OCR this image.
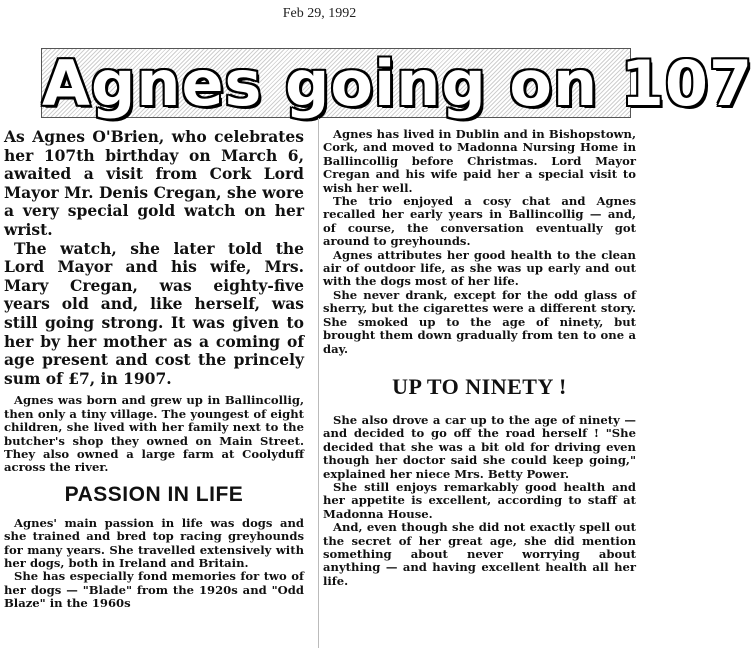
Feb 29, 1992
Agnes going on 107

As Agnes O'Brien, who celebrates her 107th birthday on March 6, awaited a visit from Cork Lord Mayor Mr. Denis Cregan, she wore a very special gold watch on her wrist.

The watch, she later told the Lord Mayor and his wife, Mrs. Mary Cregan, was eighty-five years old and, like herself, was still going strong. It was given to her by her mother as a coming of age present and cost the princely sum of £7, in 1907.

Agnes was born and grew up in Ballincollig, then only a tiny village. The youngest of eight children, she lived with her family next to the butcher's shop they owned on Main Street. They also owned a large farm at Coolyduff across the river.

PASSION IN LIFE

Agnes' main passion in life was dogs and she trained and bred top racing greyhounds for many years. She travelled extensively with her dogs, both in Ireland and Britain.

She has especially fond memories for two of her dogs — "Blade" from the 1920s and "Odd Blaze" in the 1960s

Agnes has lived in Dublin and in Bishopstown, Cork, and moved to Madonna Nursing Home in Ballincollig before Christmas. Lord Mayor Cregan and his wife paid her a special visit to wish her well.

The trio enjoyed a cosy chat and Agnes recalled her early years in Ballincollig — and, of course, the conversation eventually got around to greyhounds.

Agnes attributes her good health to the clean air of outdoor life, as she was up early and out with the dogs most of her life.

She never drank, except for the odd glass of sherry, but the cigarettes were a different story. She smoked up to the age of ninety, but brought them down gradually from ten to one a day.

UP TO NINETY !

She also drove a car up to the age of ninety — and decided to go off the road herself ! "She decided that she was a bit old for driving even though her doctor said she could keep going," explained her niece Mrs. Betty Power.

She still enjoys remarkably good health and her appetite is excellent, according to staff at Madonna House.

And, even though she did not exactly spell out the secret of her great age, she did mention something about never worrying about anything — and having excellent health all her life.
